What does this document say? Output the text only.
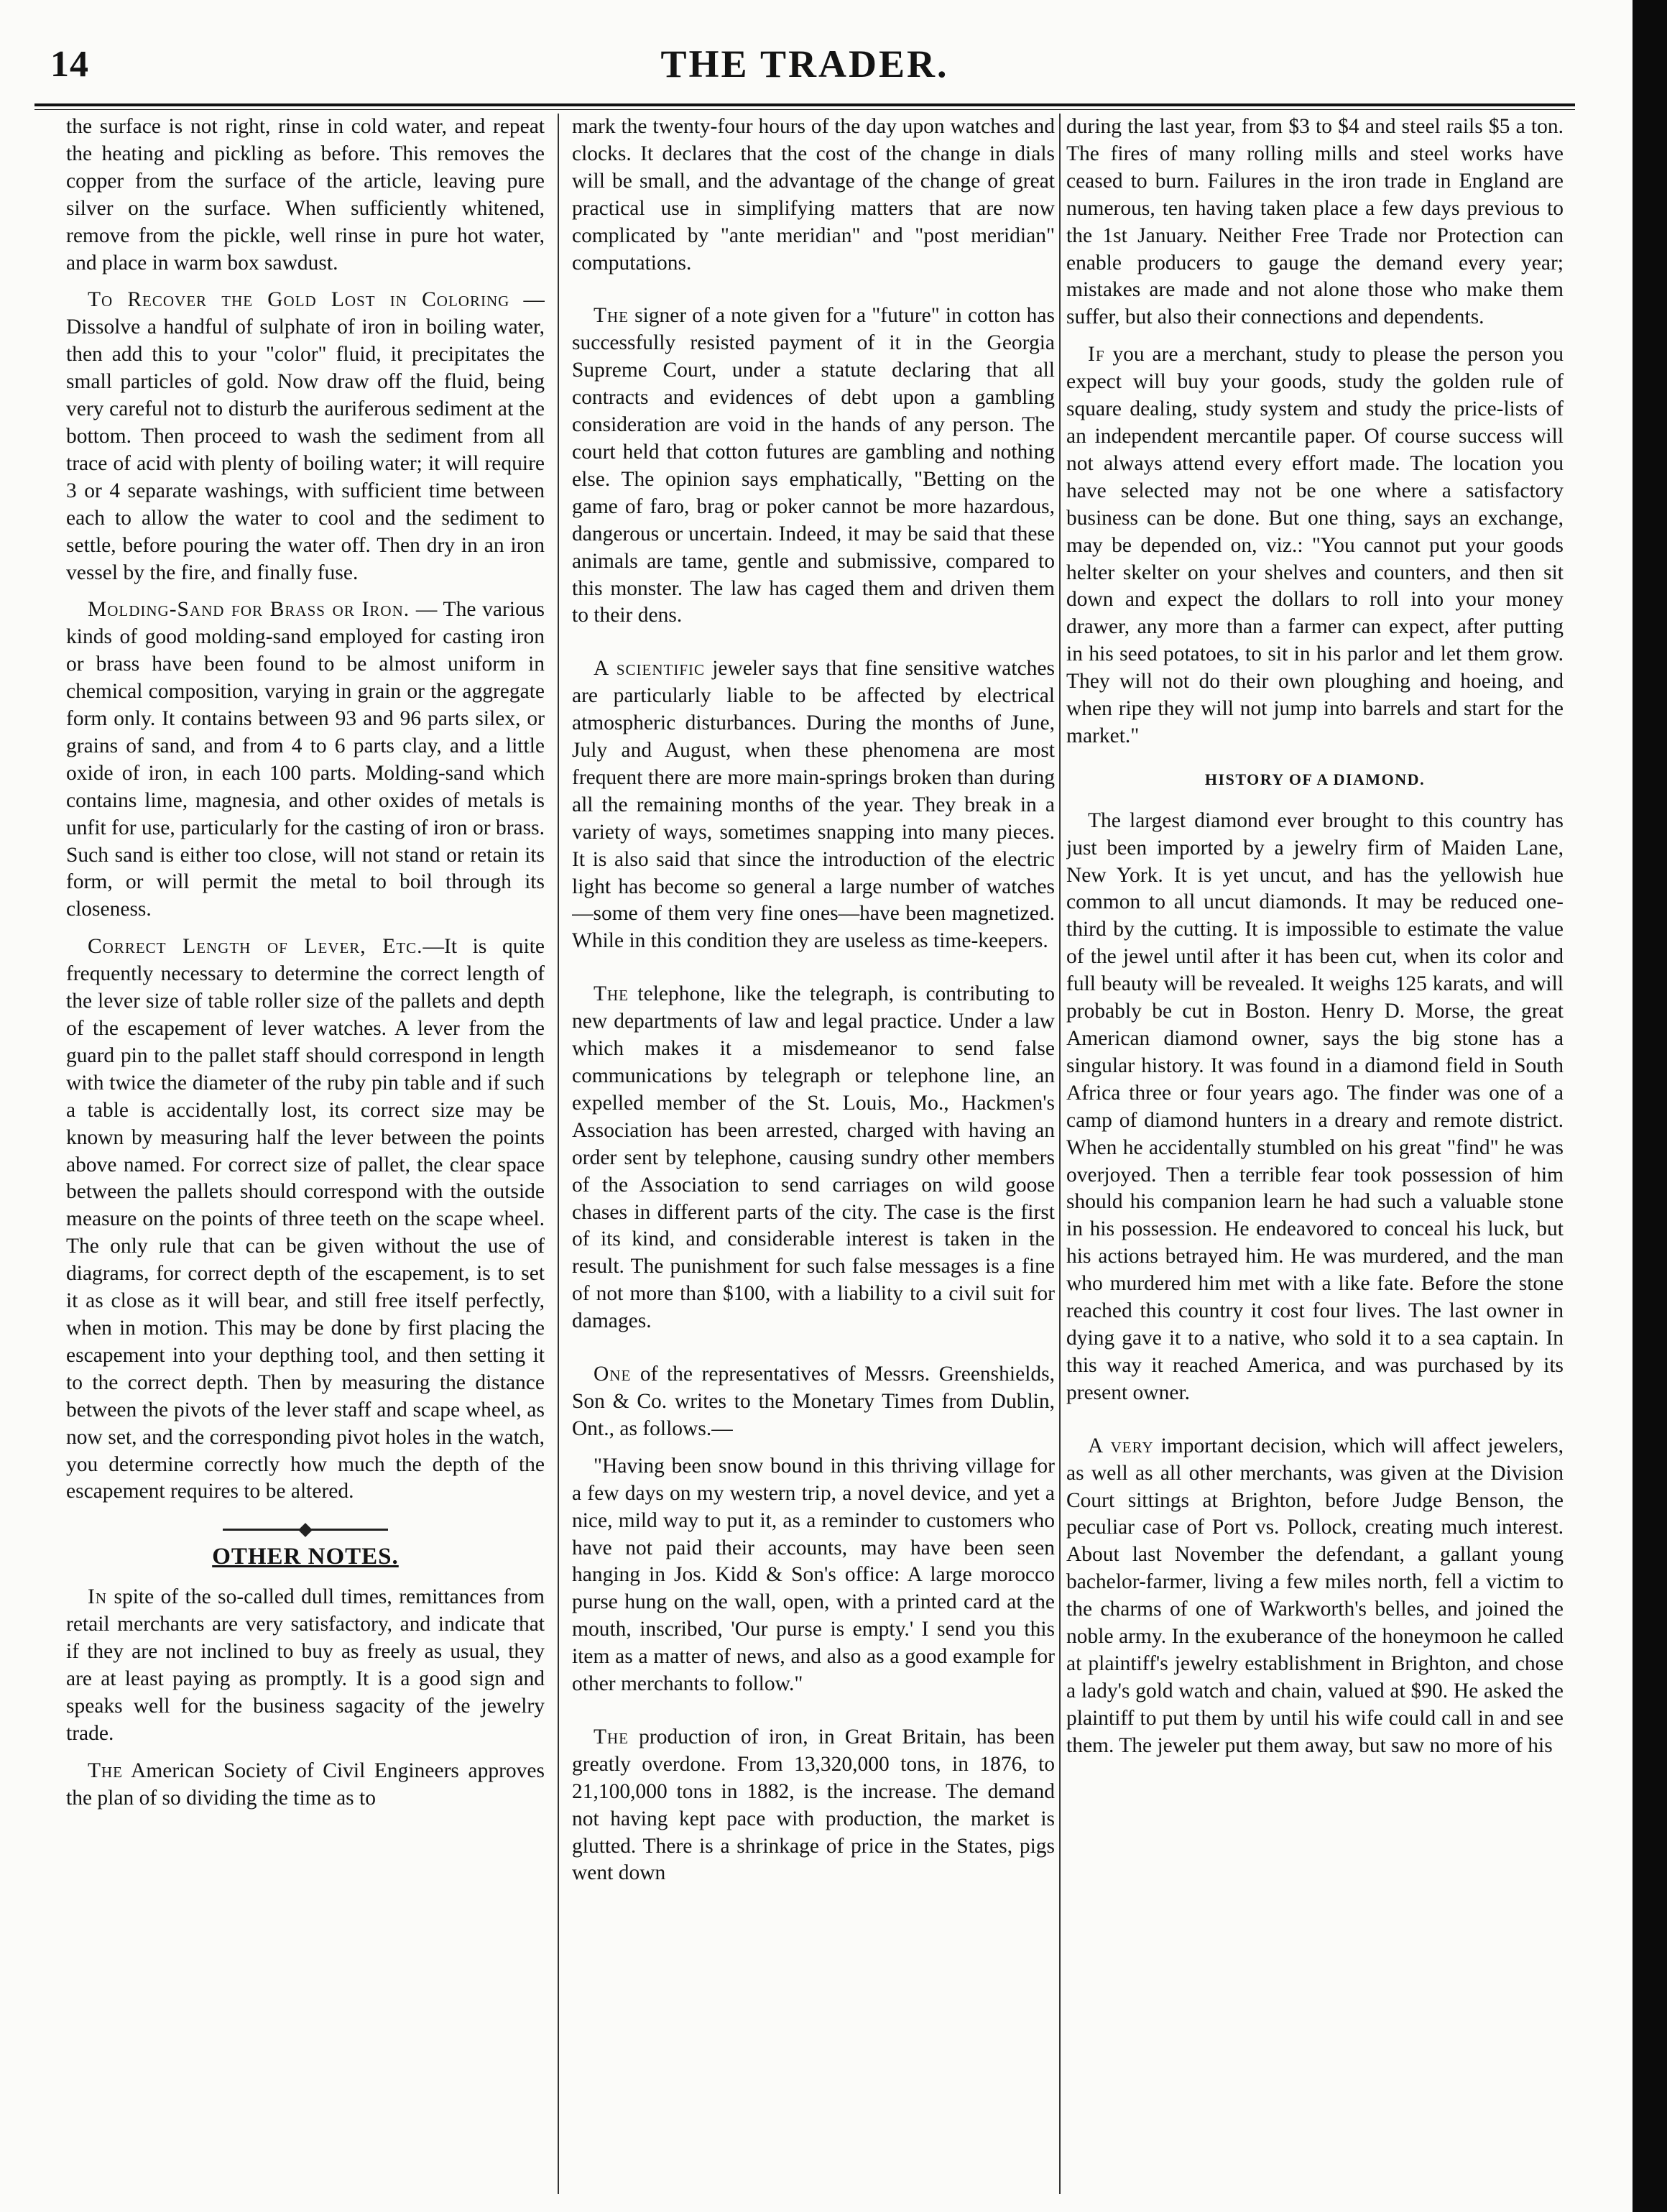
14	THE TRADER.

the surface is not right, rinse in cold water, and repeat the heating and pickling as before. This removes the copper from the surface of the article, leaving pure silver on the surface. When sufficiently whitened, remove from the pickle, well rinse in pure hot water, and place in warm box sawdust.

To Recover the Gold Lost in Coloring — Dissolve a handful of sulphate of iron in boiling water, then add this to your "color" fluid, it precipitates the small particles of gold. Now draw off the fluid, being very careful not to disturb the auriferous sediment at the bottom. Then proceed to wash the sediment from all trace of acid with plenty of boiling water; it will require 3 or 4 separate washings, with sufficient time between each to allow the water to cool and the sediment to settle, before pouring the water off. Then dry in an iron vessel by the fire, and finally fuse.

Molding-Sand for Brass or Iron. — The various kinds of good molding-sand employed for casting iron or brass have been found to be almost uniform in chemical composition, varying in grain or the aggregate form only. It contains between 93 and 96 parts silex, or grains of sand, and from 4 to 6 parts clay, and a little oxide of iron, in each 100 parts. Molding-sand which contains lime, magnesia, and other oxides of metals is unfit for use, particularly for the casting of iron or brass. Such sand is either too close, will not stand or retain its form, or will permit the metal to boil through its closeness.

Correct Length of Lever, Etc.—It is quite frequently necessary to determine the correct length of the lever size of table roller size of the pallets and depth of the escapement of lever watches. A lever from the guard pin to the pallet staff should correspond in length with twice the diameter of the ruby pin table and if such a table is accidentally lost, its correct size may be known by measuring half the lever between the points above named. For correct size of pallet, the clear space between the pallets should correspond with the outside measure on the points of three teeth on the scape wheel. The only rule that can be given without the use of diagrams, for correct depth of the escapement, is to set it as close as it will bear, and still free itself perfectly, when in motion. This may be done by first placing the escapement into your depthing tool, and then setting it to the correct depth. Then by measuring the distance between the pivots of the lever staff and scape wheel, as now set, and the corresponding pivot holes in the watch, you determine correctly how much the depth of the escapement requires to be altered.

OTHER NOTES.

In spite of the so-called dull times, remittances from retail merchants are very satisfactory, and indicate that if they are not inclined to buy as freely as usual, they are at least paying as promptly. It is a good sign and speaks well for the business sagacity of the jewelry trade.

The American Society of Civil Engineers approves the plan of so dividing the time as to

mark the twenty-four hours of the day upon watches and clocks. It declares that the cost of the change in dials will be small, and the advantage of the change of great practical use in simplifying matters that are now complicated by "ante meridian" and "post meridian" computations.

The signer of a note given for a "future" in cotton has successfully resisted payment of it in the Georgia Supreme Court, under a statute declaring that all contracts and evidences of debt upon a gambling consideration are void in the hands of any person. The court held that cotton futures are gambling and nothing else. The opinion says emphatically, "Betting on the game of faro, brag or poker cannot be more hazardous, dangerous or uncertain. Indeed, it may be said that these animals are tame, gentle and submissive, compared to this monster. The law has caged them and driven them to their dens.

A scientific jeweler says that fine sensitive watches are particularly liable to be affected by electrical atmospheric disturbances. During the months of June, July and August, when these phenomena are most frequent there are more main-springs broken than during all the remaining months of the year. They break in a variety of ways, sometimes snapping into many pieces. It is also said that since the introduction of the electric light has become so general a large number of watches—some of them very fine ones—have been magnetized. While in this condition they are useless as time-keepers.

The telephone, like the telegraph, is contributing to new departments of law and legal practice. Under a law which makes it a misdemeanor to send false communications by telegraph or telephone line, an expelled member of the St. Louis, Mo., Hackmen's Association has been arrested, charged with having an order sent by telephone, causing sundry other members of the Association to send carriages on wild goose chases in different parts of the city. The case is the first of its kind, and considerable interest is taken in the result. The punishment for such false messages is a fine of not more than $100, with a liability to a civil suit for damages.

One of the representatives of Messrs. Greenshields, Son & Co. writes to the Monetary Times from Dublin, Ont., as follows.—

"Having been snow bound in this thriving village for a few days on my western trip, a novel device, and yet a nice, mild way to put it, as a reminder to customers who have not paid their accounts, may have been seen hanging in Jos. Kidd & Son's office: A large morocco purse hung on the wall, open, with a printed card at the mouth, inscribed, 'Our purse is empty.' I send you this item as a matter of news, and also as a good example for other merchants to follow."

The production of iron, in Great Britain, has been greatly overdone. From 13,320,000 tons, in 1876, to 21,100,000 tons in 1882, is the increase. The demand not having kept pace with production, the market is glutted. There is a shrinkage of price in the States, pigs went down

during the last year, from $3 to $4 and steel rails $5 a ton. The fires of many rolling mills and steel works have ceased to burn. Failures in the iron trade in England are numerous, ten having taken place a few days previous to the 1st January. Neither Free Trade nor Protection can enable producers to gauge the demand every year; mistakes are made and not alone those who make them suffer, but also their connections and dependents.

If you are a merchant, study to please the person you expect will buy your goods, study the golden rule of square dealing, study system and study the price-lists of an independent mercantile paper. Of course success will not always attend every effort made. The location you have selected may not be one where a satisfactory business can be done. But one thing, says an exchange, may be depended on, viz.: "You cannot put your goods helter skelter on your shelves and counters, and then sit down and expect the dollars to roll into your money drawer, any more than a farmer can expect, after putting in his seed potatoes, to sit in his parlor and let them grow. They will not do their own ploughing and hoeing, and when ripe they will not jump into barrels and start for the market."

HISTORY OF A DIAMOND.

The largest diamond ever brought to this country has just been imported by a jewelry firm of Maiden Lane, New York. It is yet uncut, and has the yellowish hue common to all uncut diamonds. It may be reduced one-third by the cutting. It is impossible to estimate the value of the jewel until after it has been cut, when its color and full beauty will be revealed. It weighs 125 karats, and will probably be cut in Boston. Henry D. Morse, the great American diamond owner, says the big stone has a singular history. It was found in a diamond field in South Africa three or four years ago. The finder was one of a camp of diamond hunters in a dreary and remote district. When he accidentally stumbled on his great "find" he was overjoyed. Then a terrible fear took possession of him should his companion learn he had such a valuable stone in his possession. He endeavored to conceal his luck, but his actions betrayed him. He was murdered, and the man who murdered him met with a like fate. Before the stone reached this country it cost four lives. The last owner in dying gave it to a native, who sold it to a sea captain. In this way it reached America, and was purchased by its present owner.

A very important decision, which will affect jewelers, as well as all other merchants, was given at the Division Court sittings at Brighton, before Judge Benson, the peculiar case of Port vs. Pollock, creating much interest. About last November the defendant, a gallant young bachelor-farmer, living a few miles north, fell a victim to the charms of one of Warkworth's belles, and joined the noble army. In the exuberance of the honeymoon he called at plaintiff's jewelry establishment in Brighton, and chose a lady's gold watch and chain, valued at $90. He asked the plaintiff to put them by until his wife could call in and see them. The jeweler put them away, but saw no more of his
